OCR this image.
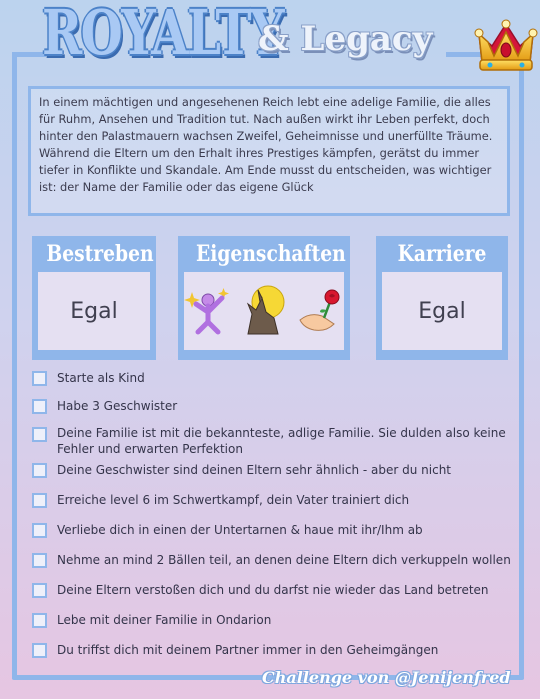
ROYALTY
& Legacy
In einem mächtigen und angesehenen Reich lebt eine adelige Familie, die alles für Ruhm, Ansehen und Tradition tut. Nach außen wirkt ihr Leben perfekt, doch hinter den Palastmauern wachsen Zweifel, Geheimnisse und unerfüllte Träume. Während die Eltern um den Erhalt ihres Prestiges kämpfen, gerätst du immer tiefer in Konflikte und Skandale. Am Ende musst du entscheiden, was wichtiger ist: der Name der Familie oder das eigene Glück
Bestreben
Egal
Eigenschaften Karriere
Egal
Starte als Kind
Habe 3 Geschwister
Deine Familie ist mit die bekannteste, adlige Familie. Sie dulden also keine Fehler und erwarten Perfektion
Deine Geschwister sind deinen Eltern sehr ähnlich - aber du nicht
Erreiche level 6 im Schwertkampf, dein Vater trainiert dich
Verliebe dich in einen der Untertarnen & haue mit ihr/Ihm ab
Nehme an mind 2 Bällen teil, an denen deine Eltern dich verkuppeln wollen
Deine Eltern verstoßen dich und du darfst nie wieder das Land betreten
Lebe mit deiner Familie in Ondarion
Du triffst dich mit deinem Partner immer in den Geheimgängen
Challenge von @Jenijenfred
